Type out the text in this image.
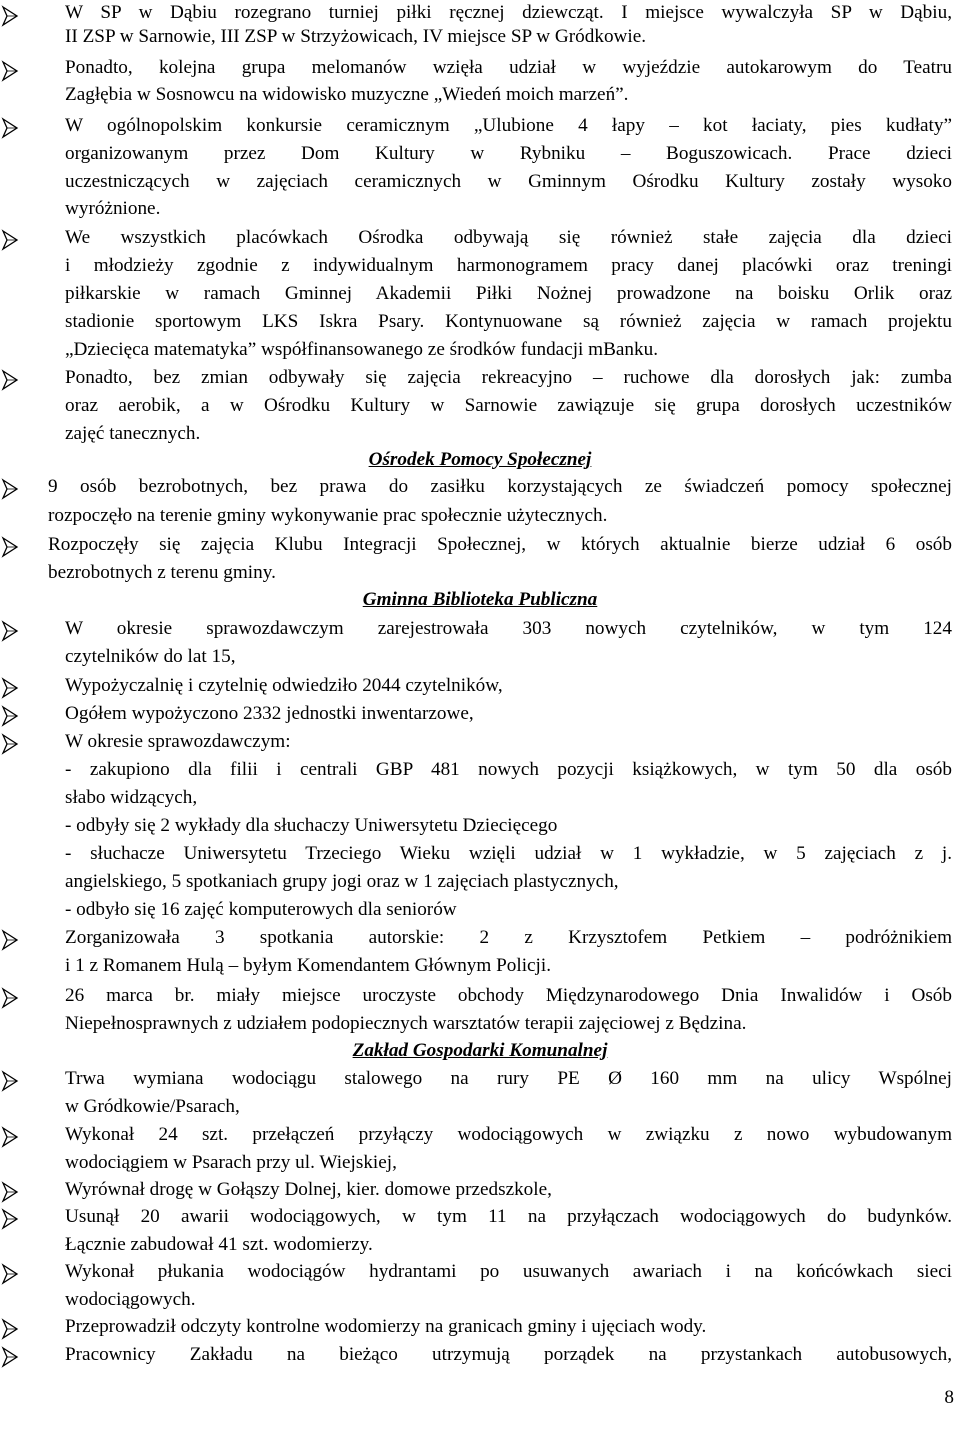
W SP w Dąbiu rozegrano turniej piłki ręcznej dziewcząt. I miejsce wywalczyła SP w Dąbiu,
II ZSP w Sarnowie, III ZSP w Strzyżowicach, IV miejsce SP w Gródkowie.
Ponadto, kolejna grupa melomanów wzięła udział w wyjeździe autokarowym do Teatru
Zagłębia w Sosnowcu na widowisko muzyczne „Wiedeń moich marzeń”.
W ogólnopolskim konkursie ceramicznym „Ulubione 4 łapy – kot łaciaty, pies kudłaty”
organizowanym przez Dom Kultury w Rybniku – Boguszowicach. Prace dzieci
uczestniczących w zajęciach ceramicznych w Gminnym Ośrodku Kultury zostały wysoko
wyróżnione.
We wszystkich placówkach Ośrodka odbywają się również stałe zajęcia dla dzieci
i młodzieży zgodnie z indywidualnym harmonogramem pracy danej placówki oraz treningi
piłkarskie w ramach Gminnej Akademii Piłki Nożnej prowadzone na boisku Orlik oraz
stadionie sportowym LKS Iskra Psary. Kontynuowane są również zajęcia w ramach projektu
„Dziecięca matematyka” współfinansowanego ze środków fundacji mBanku.
Ponadto, bez zmian odbywały się zajęcia rekreacyjno – ruchowe dla dorosłych jak: zumba
oraz aerobik, a w Ośrodku Kultury w Sarnowie zawiązuje się grupa dorosłych uczestników
zajęć tanecznych.
Ośrodek Pomocy Społecznej
9 osób bezrobotnych, bez prawa do zasiłku korzystających ze świadczeń pomocy społecznej
rozpoczęło na terenie gminy wykonywanie prac społecznie użytecznych.
Rozpoczęły się zajęcia Klubu Integracji Społecznej, w których aktualnie bierze udział 6 osób
bezrobotnych z terenu gminy.
Gminna Biblioteka Publiczna
W okresie sprawozdawczym zarejestrowała 303 nowych czytelników, w tym 124
czytelników do lat 15,
Wypożyczalnię i czytelnię odwiedziło 2044 czytelników,
Ogółem wypożyczono 2332 jednostki inwentarzowe,
W okresie sprawozdawczym:
- zakupiono dla filii i centrali GBP 481 nowych pozycji książkowych, w tym 50 dla osób
słabo widzących,
- odbyły się 2 wykłady dla słuchaczy Uniwersytetu Dziecięcego
- słuchacze Uniwersytetu Trzeciego Wieku wzięli udział w 1 wykładzie, w 5 zajęciach z j.
angielskiego, 5 spotkaniach grupy jogi oraz w 1 zajęciach plastycznych,
- odbyło się 16 zajęć komputerowych dla seniorów
Zorganizowała 3 spotkania autorskie: 2 z Krzysztofem Petkiem – podróżnikiem
i 1 z Romanem Hulą – byłym Komendantem Głównym Policji.
26 marca br. miały miejsce uroczyste obchody Międzynarodowego Dnia Inwalidów i Osób
Niepełnosprawnych z udziałem podopiecznych warsztatów terapii zajęciowej z Będzina.
Zakład Gospodarki Komunalnej
Trwa wymiana wodociągu stalowego na rury PE Ø 160 mm na ulicy Wspólnej
w Gródkowie/Psarach,
Wykonał 24 szt. przełączeń przyłączy wodociągowych w związku z nowo wybudowanym
wodociągiem w Psarach przy ul. Wiejskiej,
Wyrównał drogę w Gołąszy Dolnej, kier. domowe przedszkole,
Usunął 20 awarii wodociągowych, w tym 11 na przyłączach wodociągowych do budynków.
Łącznie zabudował 41 szt. wodomierzy.
Wykonał płukania wodociągów hydrantami po usuwanych awariach i na końcówkach sieci
wodociągowych.
Przeprowadził odczyty kontrolne wodomierzy na granicach gminy i ujęciach wody.
Pracownicy Zakładu na bieżąco utrzymują porządek na przystankach autobusowych,
8
